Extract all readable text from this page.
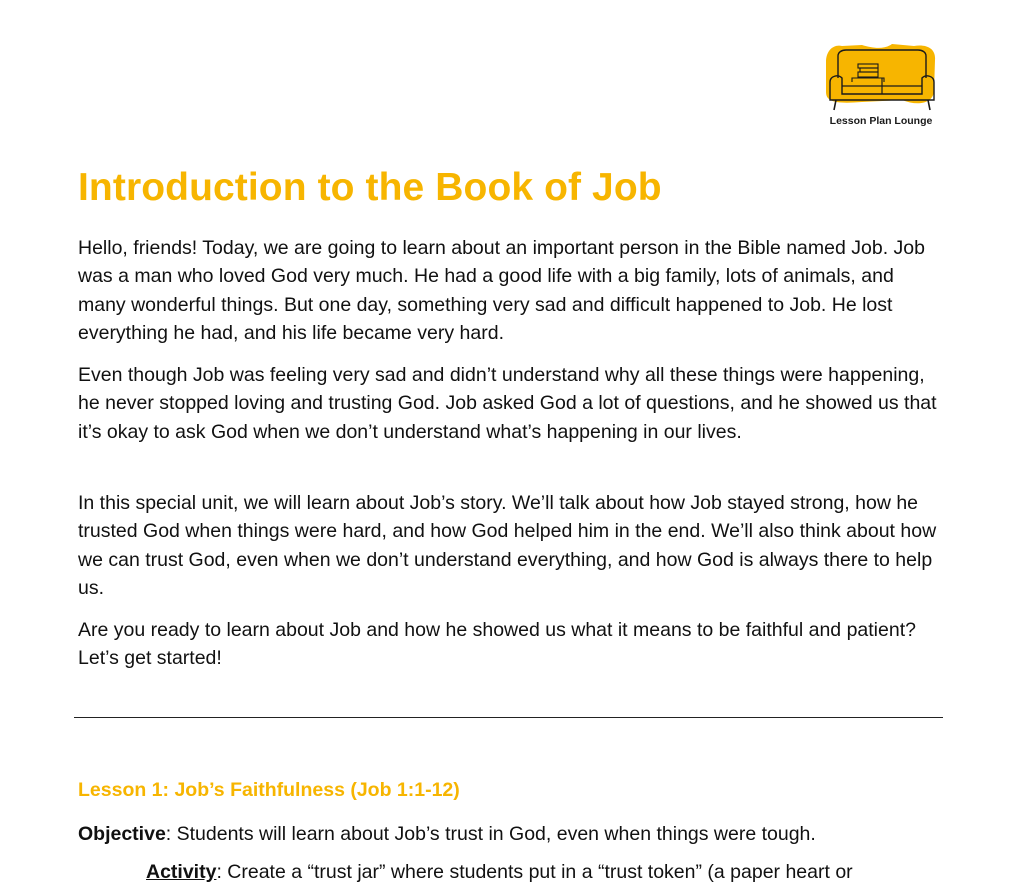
Lesson Plan Lounge
Introduction to the Book of Job

Hello, friends! Today, we are going to learn about an important person in the Bible named Job. Job was a man who loved God very much. He had a good life with a big family, lots of animals, and many wonderful things. But one day, something very sad and difficult happened to Job. He lost everything he had, and his life became very hard.

Even though Job was feeling very sad and didn’t understand why all these things were happening, he never stopped loving and trusting God. Job asked God a lot of questions, and he showed us that it’s okay to ask God when we don’t understand what’s happening in our lives.

In this special unit, we will learn about Job’s story. We’ll talk about how Job stayed strong, how he trusted God when things were hard, and how God helped him in the end. We’ll also think about how we can trust God, even when we don’t understand everything, and how God is always there to help us.

Are you ready to learn about Job and how he showed us what it means to be faithful and patient? Let’s get started!

Lesson 1: Job’s Faithfulness (Job 1:1-12)

Objective: Students will learn about Job’s trust in God, even when things were tough.

Activity: Create a “trust jar” where students put in a “trust token” (a paper heart or
